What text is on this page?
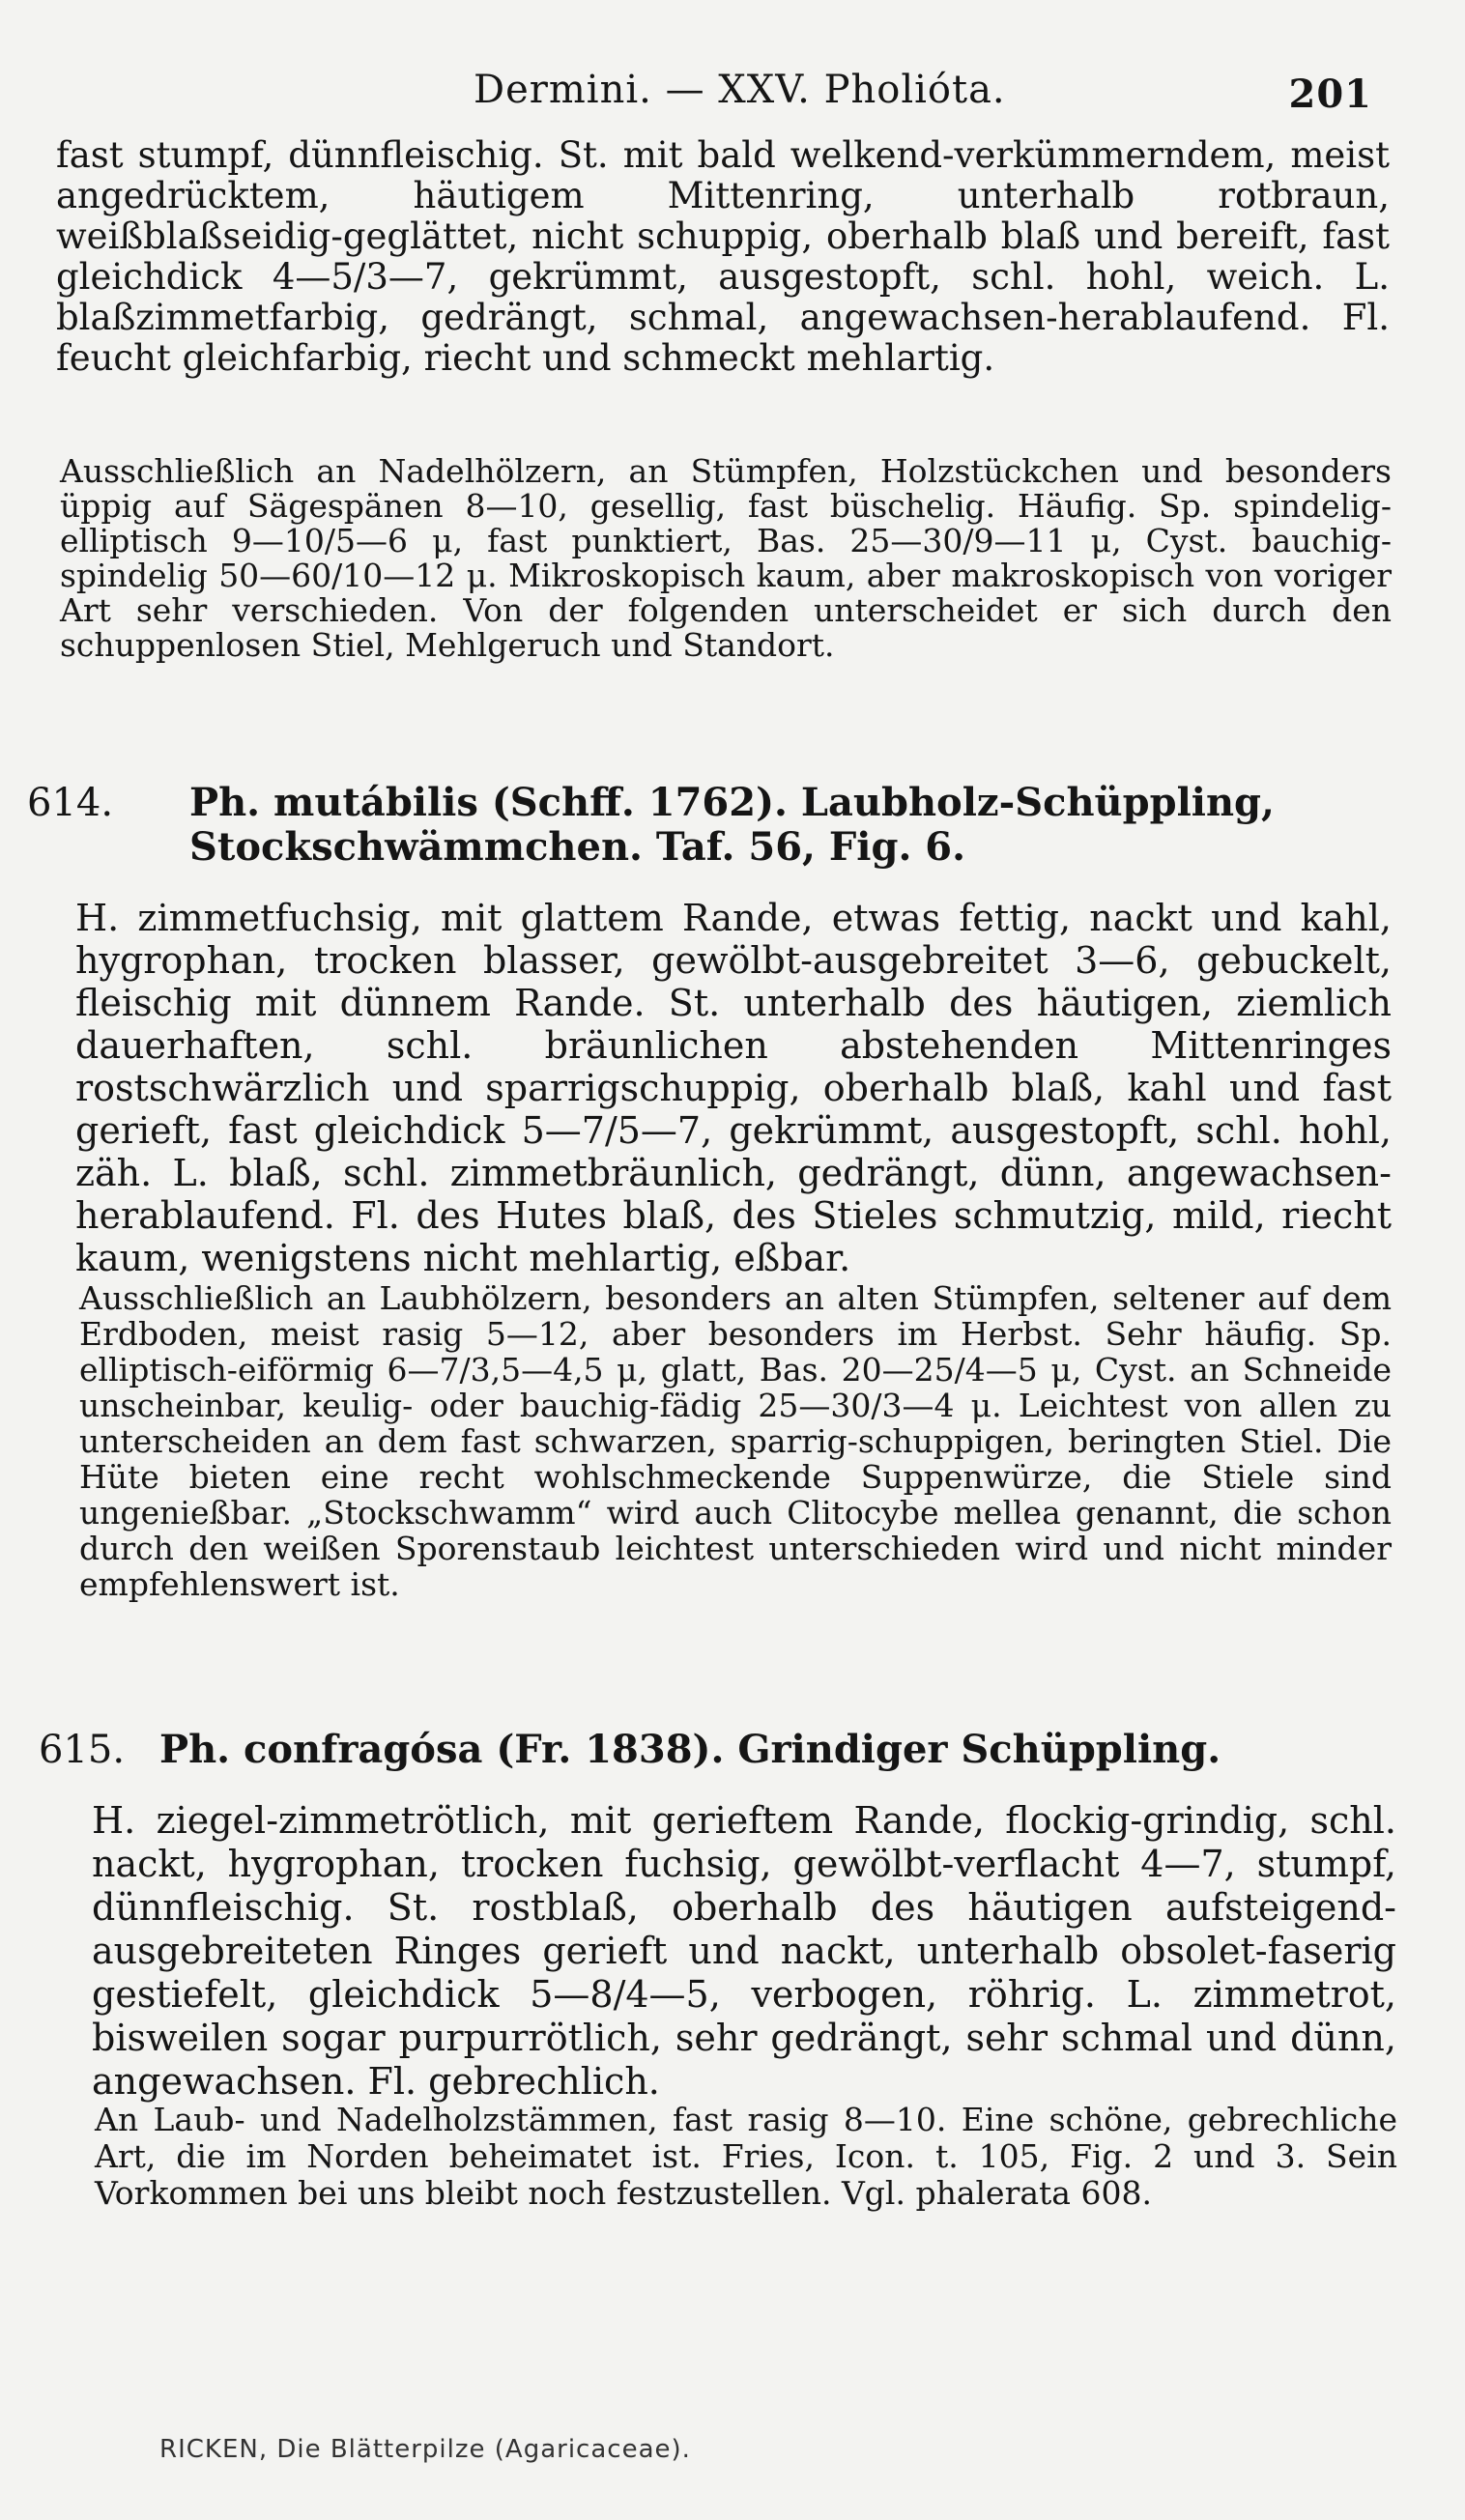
Dermini. — XXV. Pholióta.	201

fast stumpf, dünnfleischig. St. mit bald welkend-verkümmerndem, meist angedrücktem, häutigem Mittenring, unterhalb rotbraun, weißblaßseidig-geglättet, nicht schuppig, oberhalb blaß und bereift, fast gleichdick 4—5/3—7, gekrümmt, ausgestopft, schl. hohl, weich. L. blaßzimmetfarbig, gedrängt, schmal, angewachsen-herablaufend. Fl. feucht gleichfarbig, riecht und schmeckt mehlartig.

Ausschließlich an Nadelhölzern, an Stümpfen, Holzstückchen und besonders üppig auf Sägespänen 8—10, gesellig, fast büschelig. Häufig. Sp. spindelig-elliptisch 9—10/5—6 μ, fast punktiert, Bas. 25—30/9—11 μ, Cyst. bauchig-spindelig 50—60/10—12 μ. Mikroskopisch kaum, aber makroskopisch von voriger Art sehr verschieden. Von der folgenden unterscheidet er sich durch den schuppenlosen Stiel, Mehlgeruch und Standort.

614. Ph. mutábilis (Schff. 1762). Laubholz-Schüppling, Stockschwämmchen. Taf. 56, Fig. 6.

H. zimmetfuchsig, mit glattem Rande, etwas fettig, nackt und kahl, hygrophan, trocken blasser, gewölbt-ausgebreitet 3—6, gebuckelt, fleischig mit dünnem Rande. St. unterhalb des häutigen, ziemlich dauerhaften, schl. bräunlichen abstehenden Mittenringes rostschwärzlich und sparrigschuppig, oberhalb blaß, kahl und fast gerieft, fast gleichdick 5—7/5—7, gekrümmt, ausgestopft, schl. hohl, zäh. L. blaß, schl. zimmetbräunlich, gedrängt, dünn, angewachsen-herablaufend. Fl. des Hutes blaß, des Stieles schmutzig, mild, riecht kaum, wenigstens nicht mehlartig, eßbar.

Ausschließlich an Laubhölzern, besonders an alten Stümpfen, seltener auf dem Erdboden, meist rasig 5—12, aber besonders im Herbst. Sehr häufig. Sp. elliptisch-eiförmig 6—7/3,5—4,5 μ, glatt, Bas. 20—25/4—5 μ, Cyst. an Schneide unscheinbar, keulig- oder bauchig-fädig 25—30/3—4 μ. Leichtest von allen zu unterscheiden an dem fast schwarzen, sparrig-schuppigen, beringten Stiel. Die Hüte bieten eine recht wohlschmeckende Suppenwürze, die Stiele sind ungenießbar. „Stockschwamm“ wird auch Clitocybe mellea genannt, die schon durch den weißen Sporenstaub leichtest unterschieden wird und nicht minder empfehlenswert ist.

615. Ph. confragósa (Fr. 1838). Grindiger Schüppling.

H. ziegel-zimmetrötlich, mit gerieftem Rande, flockig-grindig, schl. nackt, hygrophan, trocken fuchsig, gewölbt-verflacht 4—7, stumpf, dünnfleischig. St. rostblaß, oberhalb des häutigen aufsteigend-ausgebreiteten Ringes gerieft und nackt, unterhalb obsolet-faserig gestiefelt, gleichdick 5—8/4—5, verbogen, röhrig. L. zimmetrot, bisweilen sogar purpurrötlich, sehr gedrängt, sehr schmal und dünn, angewachsen. Fl. gebrechlich.

An Laub- und Nadelholzstämmen, fast rasig 8—10. Eine schöne, gebrechliche Art, die im Norden beheimatet ist. Fries, Icon. t. 105, Fig. 2 und 3. Sein Vorkommen bei uns bleibt noch festzustellen. Vgl. phalerata 608.

RICKEN, Die Blätterpilze (Agaricaceae).
